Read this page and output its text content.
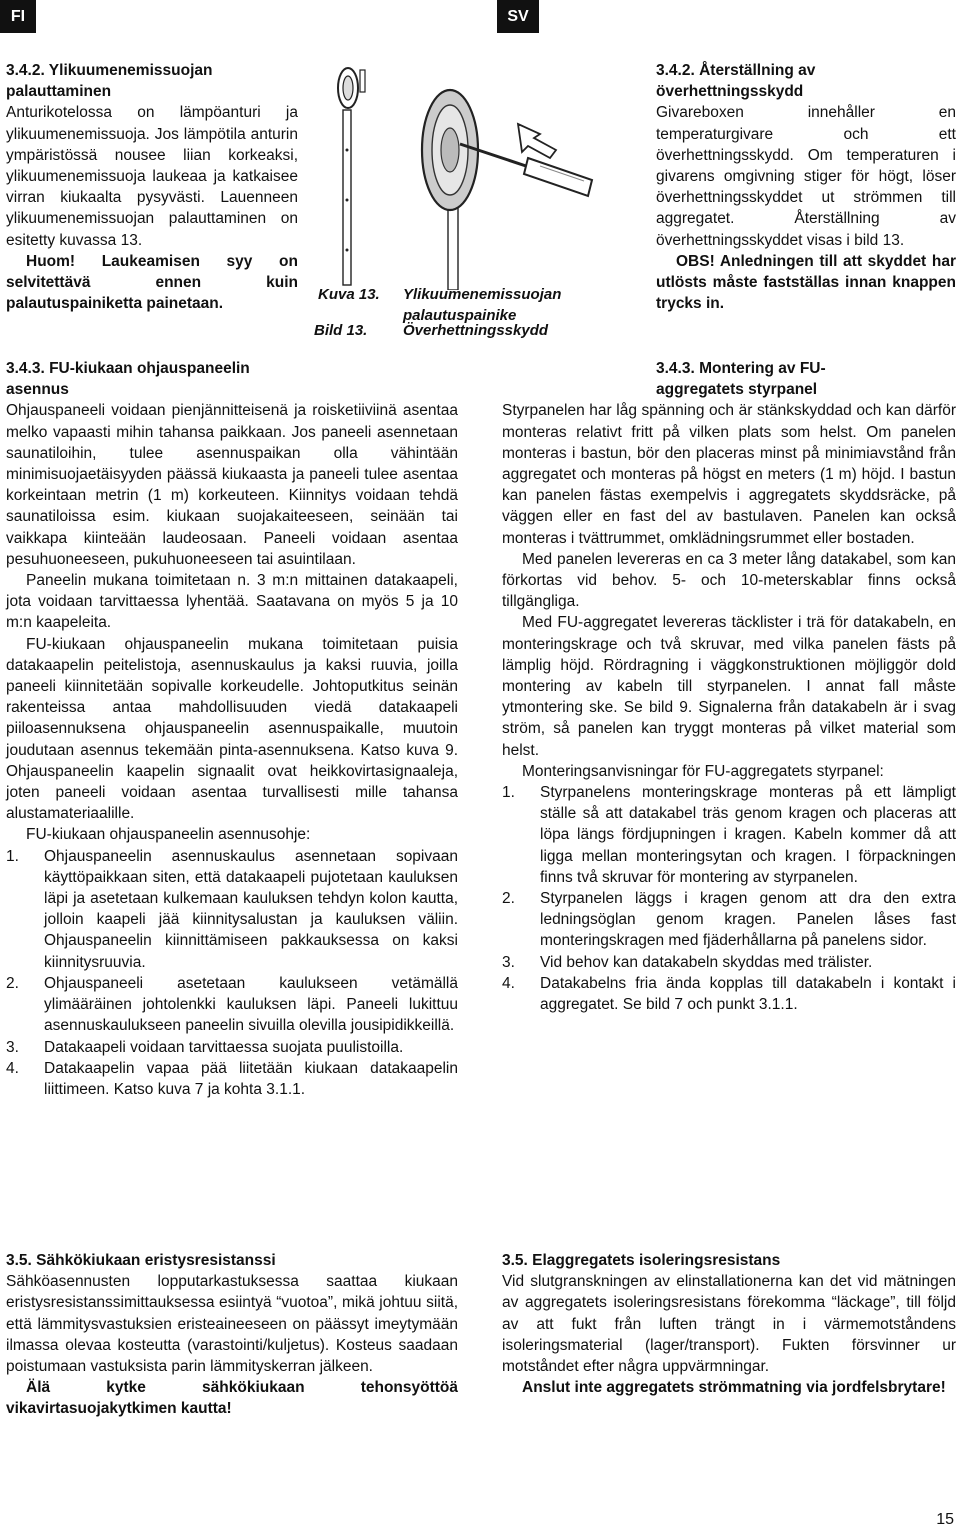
FI	SV
3.4.2. Ylikuumenemissuojan palauttaminen
Anturikotelossa on lämpöanturi ja ylikuumenemissuoja. Jos lämpötila anturin ympäristössä nousee liian korkeaksi, ylikuumenemissuoja laukeaa ja katkaisee virran kiukaalta pysyvästi. Lauenneen ylikuumenemissuojan palauttaminen on esitetty kuvassa 13.
Huom! Laukeamisen syy on selvitettävä ennen kuin palautuspainiketta painetaan.
Kuva 13. Ylikuumenemissuojan palautuspainike
Bild 13. Överhettningsskydd
3.4.2. Återställning av överhettningsskydd
Givareboxen innehåller en temperaturgivare och ett överhettningsskydd. Om temperaturen i givarens omgivning stiger för högt, löser överhettningsskyddet ut strömmen till aggregatet. Återställning av överhettningsskyddet visas i bild 13.
OBS! Anledningen till att skyddet har utlösts måste fastställas innan knappen trycks in.
3.4.3. FU-kiukaan ohjauspaneelin asennus
Ohjauspaneeli voidaan pienjännitteisenä ja roisketiiviinä asentaa melko vapaasti mihin tahansa paikkaan. Jos paneeli asennetaan saunatiloihin, tulee asennuspaikan olla vähintään minimisuojaetäisyyden päässä kiukaasta ja paneeli tulee asentaa korkeintaan metrin (1 m) korkeuteen. Kiinnitys voidaan tehdä saunatiloissa esim. kiukaan suojakaiteeseen, seinään tai vaikkapa kiinteään laudeosaan. Paneeli voidaan asentaa pesuhuoneeseen, pukuhuoneeseen tai asuintilaan.
Paneelin mukana toimitetaan n. 3 m:n mittainen datakaapeli, jota voidaan tarvittaessa lyhentää. Saatavana on myös 5 ja 10 m:n kaapeleita.
FU-kiukaan ohjauspaneelin mukana toimitetaan puisia datakaapelin peitelistoja, asennuskaulus ja kaksi ruuvia, joilla paneeli kiinnitetään sopivalle korkeudelle. Johtoputkitus seinän rakenteissa antaa mahdollisuuden viedä datakaapeli piiloasennuksena ohjauspaneelin asennuspaikalle, muutoin joudutaan asennus tekemään pinta-asennuksena. Katso kuva 9. Ohjauspaneelin kaapelin signaalit ovat heikkovirtasignaaleja, joten paneeli voidaan asentaa turvallisesti mille tahansa alustamateriaalille.
FU-kiukaan ohjauspaneelin asennusohje:
1. Ohjauspaneelin asennuskaulus asennetaan sopivaan käyttöpaikkaan siten, että datakaapeli pujotetaan kauluksen läpi ja asetetaan kulkemaan kauluksen tehdyn kolon kautta, jolloin kaapeli jää kiinnitysalustan ja kauluksen väliin. Ohjauspaneelin kiinnittämiseen pakkauksessa on kaksi kiinnitysruuvia.
2. Ohjauspaneeli asetetaan kaulukseen vetämällä ylimääräinen johtolenkki kauluksen läpi. Paneeli lukittuu asennuskaulukseen paneelin sivuilla olevilla jousipidikkeillä.
3. Datakaapeli voidaan tarvittaessa suojata puulistoilla.
4. Datakaapelin vapaa pää liitetään kiukaan datakaapelin liittimeen. Katso kuva 7 ja kohta 3.1.1.
3.4.3. Montering av FU-aggregatets styrpanel
Styrpanelen har låg spänning och är stänkskyddad och kan därför monteras relativt fritt på vilken plats som helst. Om panelen monteras i bastun, bör den placeras minst på minimiavstånd från aggregatet och monteras på högst en meters (1 m) höjd. I bastun kan panelen fästas exempelvis i aggregatets skyddsräcke, på väggen eller en fast del av bastulaven. Panelen kan också monteras i tvättrummet, omklädningsrummet eller bostaden.
Med panelen levereras en ca 3 meter lång datakabel, som kan förkortas vid behov. 5- och 10-meterskablar finns också tillgängliga.
Med FU-aggregatet levereras täcklister i trä för datakabeln, en monteringskrage och två skruvar, med vilka panelen fästs på lämplig höjd. Rördragning i väggkonstruktionen möjliggör dold montering av kabeln till styrpanelen. I annat fall måste ytmontering ske. Se bild 9. Signalerna från datakabeln är i svag ström, så panelen kan tryggt monteras på vilket material som helst.
Monteringsanvisningar för FU-aggregatets styrpanel:
1. Styrpanelens monteringskrage monteras på ett lämpligt ställe så att datakabel träs genom kragen och placeras att löpa längs fördjupningen i kragen. Kabeln kommer då att ligga mellan monteringsytan och kragen. I förpackningen finns två skruvar för montering av styrpanelen.
2. Styrpanelen läggs i kragen genom att dra den extra ledningsöglan genom kragen. Panelen låses fast monteringskragen med fjäderhållarna på panelens sidor.
3. Vid behov kan datakabeln skyddas med trälister.
4. Datakabelns fria ända kopplas till datakabeln i kontakt i aggregatet. Se bild 7 och punkt 3.1.1.
3.5. Sähkökiukaan eristysresistanssi
Sähköasennusten lopputarkastuksessa saattaa kiukaan eristysresistanssimittauksessa esiintyä “vuotoa”, mikä johtuu siitä, että lämmitysvastuksien eristeaineeseen on päässyt imeytymään ilmassa olevaa kosteutta (varastointi/kuljetus). Kosteus saadaan poistumaan vastuksista parin lämmityskerran jälkeen.
Älä kytke sähkökiukaan tehonsyöttöä vikavirtasuojakytkimen kautta!
3.5. Elaggregatets isoleringsresistans
Vid slutgranskningen av elinstallationerna kan det vid mätningen av aggregatets isoleringsresistans förekomma “läckage”, till följd av att fukt från luften trängt in i värmemotståndens isoleringsmaterial (lager/transport). Fukten försvinner ur motståndet efter några uppvärmningar.
Anslut inte aggregatets strömmatning via jordfelsbrytare!
15
